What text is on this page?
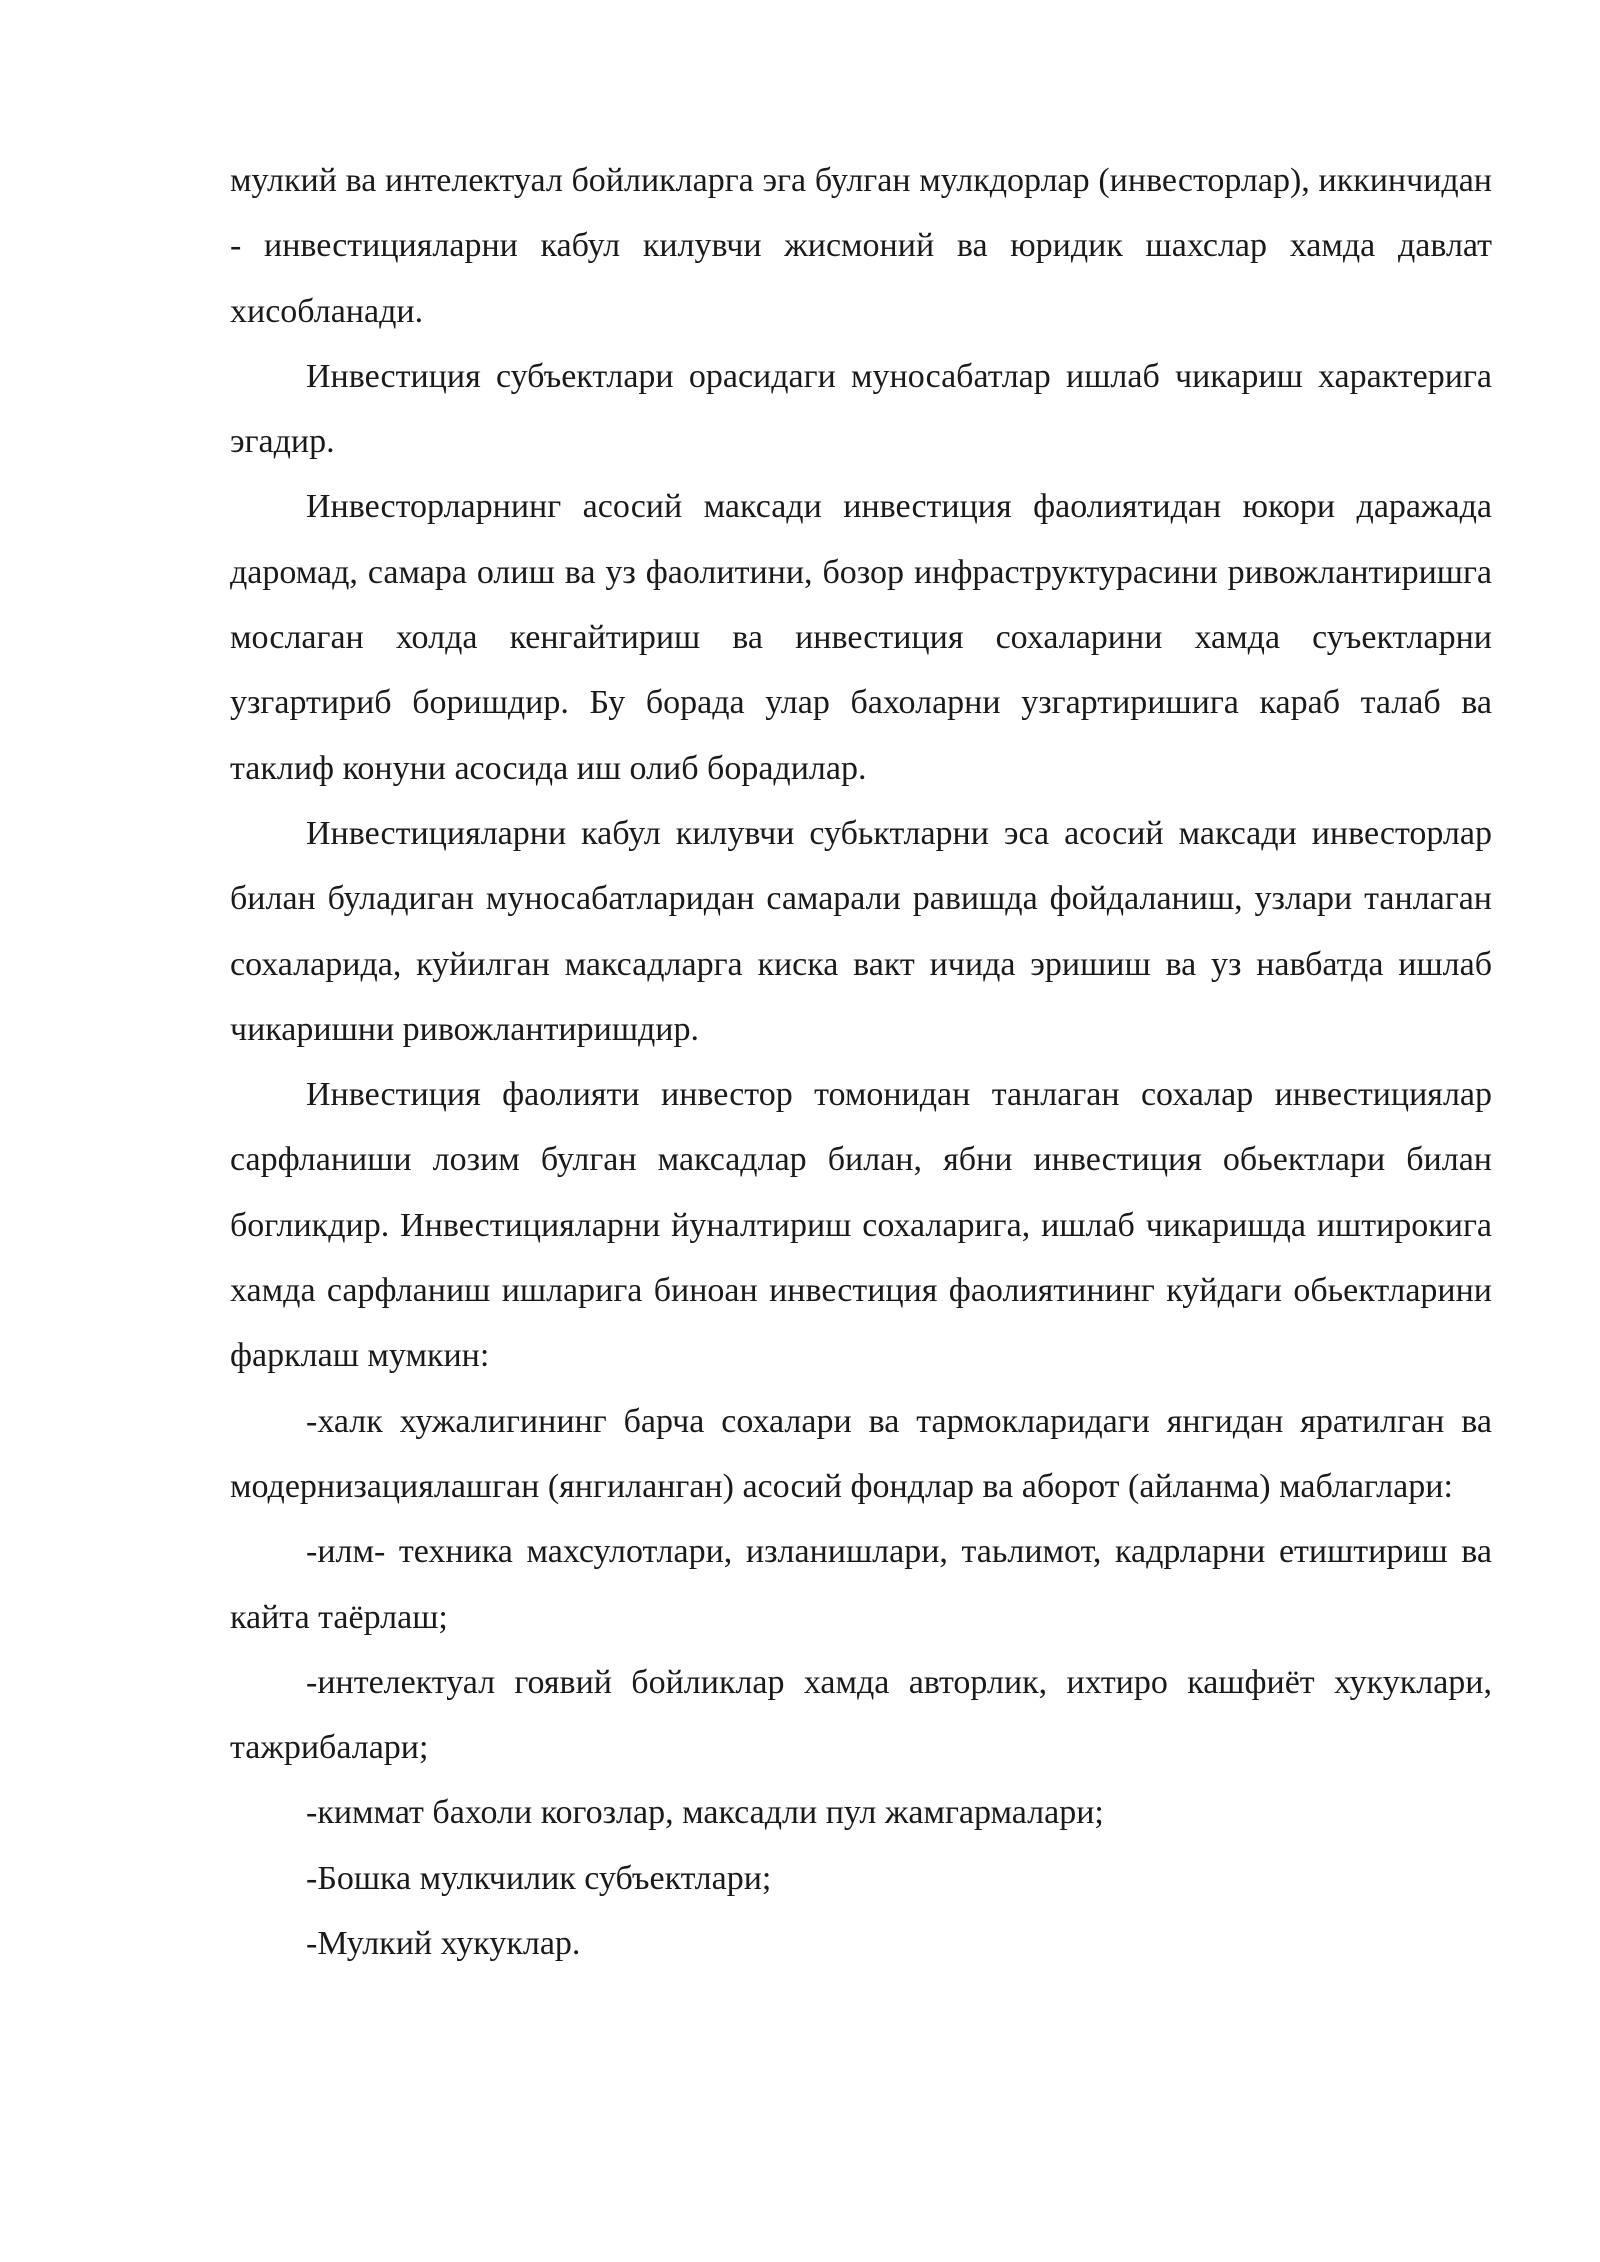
мулкий ва интелектуал бойликларга эга булган мулкдорлар (инвесторлар), иккинчидан - инвестицияларни кабул килувчи жисмоний ва юридик шахслар хамда давлат хисобланади.

Инвестиция субъектлари орасидаги муносабатлар ишлаб чикариш характерига эгадир.

Инвесторларнинг асосий максади инвестиция фаолиятидан юкори даражада даромад, самара олиш ва уз фаолитини, бозор инфраструктурасини ривожлантиришга мослаган холда кенгайтириш ва инвестиция сохаларини хамда суъектларни узгартириб боришдир. Бу борада улар бахоларни узгартиришига караб талаб ва таклиф конуни асосида иш олиб борадилар.

Инвестицияларни кабул килувчи субьктларни эса асосий максади инвесторлар билан буладиган муносабатларидан самарали равишда фойдаланиш, узлари танлаган сохаларида, куйилган максадларга киска вакт ичида эришиш ва уз навбатда ишлаб чикаришни ривожлантиришдир.

Инвестиция фаолияти инвестор томонидан танлаган сохалар инвестициялар сарфланиши лозим булган максадлар билан, ябни инвестиция обьектлари билан богликдир. Инвестицияларни йуналтириш сохаларига, ишлаб чикаришда иштирокига хамда сарфланиш ишларига биноан инвестиция фаолиятининг куйдаги обьектларини фарклаш мумкин:

-халк хужалигининг барча сохалари ва тармокларидаги янгидан яратилган ва модернизациялашган (янгиланган) асосий фондлар ва аборот (айланма) маблаглари:

-илм- техника махсулотлари, изланишлари, таьлимот, кадрларни етиштириш ва кайта таёрлаш;

-интелектуал гоявий бойликлар хамда авторлик, ихтиро кашфиёт хукуклари, тажрибалари;

-киммат бахоли когозлар, максадли пул жамгармалари;

-Бошка мулкчилик субъектлари;

-Мулкий хукуклар.
